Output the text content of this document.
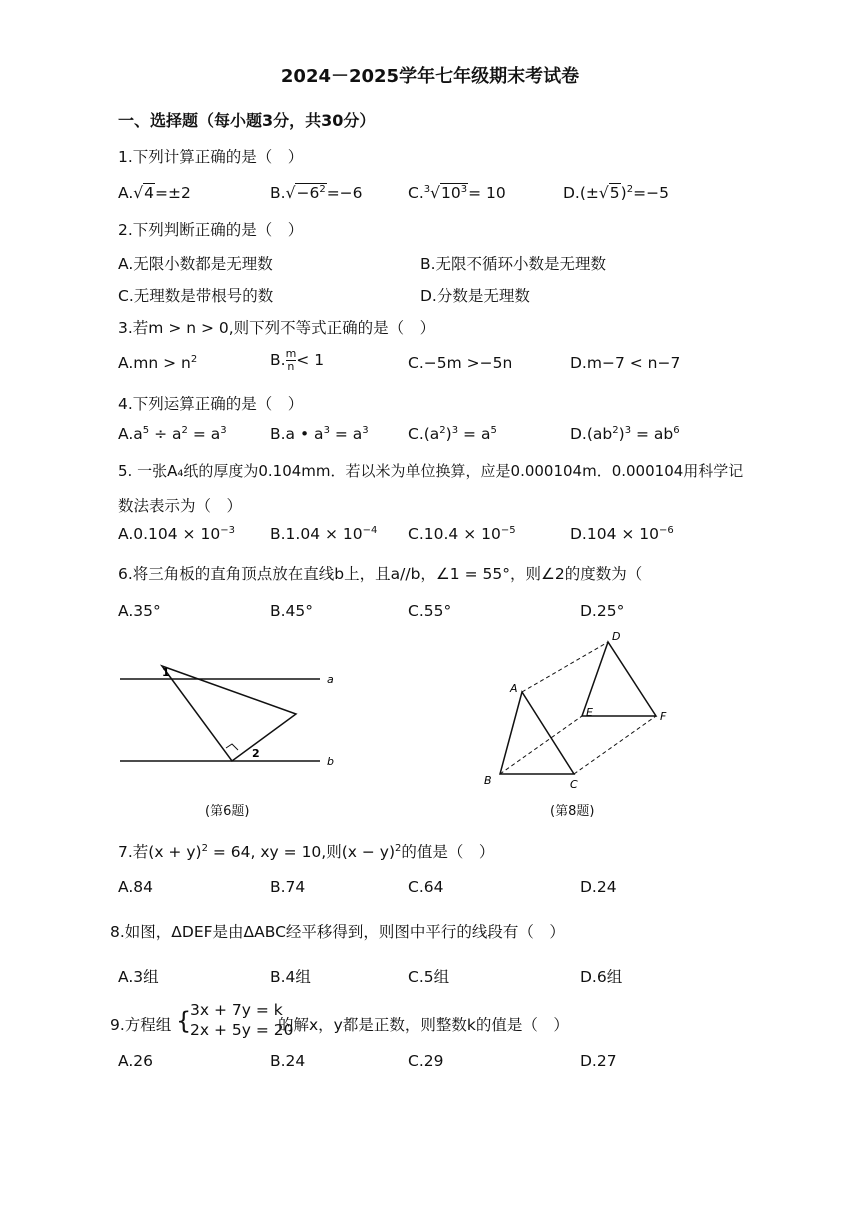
2024－2025学年七年级期末考试卷
一、选择题（每小题3分，共30分）
1.下列计算正确的是（　）
A.√4=±2	$B.√-6^2=-6$	$C.^3√10^3= 10$	$D.(\pm√5)^2=-5$
2.下列判断正确的是（　）
A.无限小数都是无理数	B.无限不循环小数是无理数
C.无理数是带根号的数	D.分数是无理数
3.若m > n > 0,则下列不等式正确的是（　）
$A.mn > n^2$	B. $\frac{m}{n} < 1$	C.−5m >−5n	D.m−7 < n−7
4.下列运算正确的是（　）
$A.a^5 \div a^2 = a^3$	B.a • $a^3 = a^3$	$C.(a^2)^3 = a^5$	$D.(ab^2)^3 = ab^6$
5. 一张A₄纸的厚度为0.104mm．若以米为单位换算，应是0.000104m．0.000104用科学记
数法表示为（　）
$A.0.104 \times 10^{-3}$ $B.1.04 \times 10^{-4}$ $C.10.4 \times 10^{-5}$	$D.104 \times 10^{-6}$
6.将三角板的直角顶点放在直线b上，且a//b，∠1 = 55°，则∠2的度数为（
A.35°	B.45°	C.55°	D.25°
a
b
1
2
(第6题)
A
B	C
D
E	F
(第8题)
7.若$(x + y)^2 = 64$, xy = 10,则$(x - y)^2$的值是（　）
A.84	B.74	C.64	D.24
8.如图，ΔDEF是由ΔABC经平移得到，则图中平行的线段有（　）
A.3组	B.4组	C.5组	D.6组
9.方程组 {
3x + 7y = k
2x + 5y = 20
的解x，y都是正数，则整数k的值是（　）
A.26	B.24	C.29	D.27
